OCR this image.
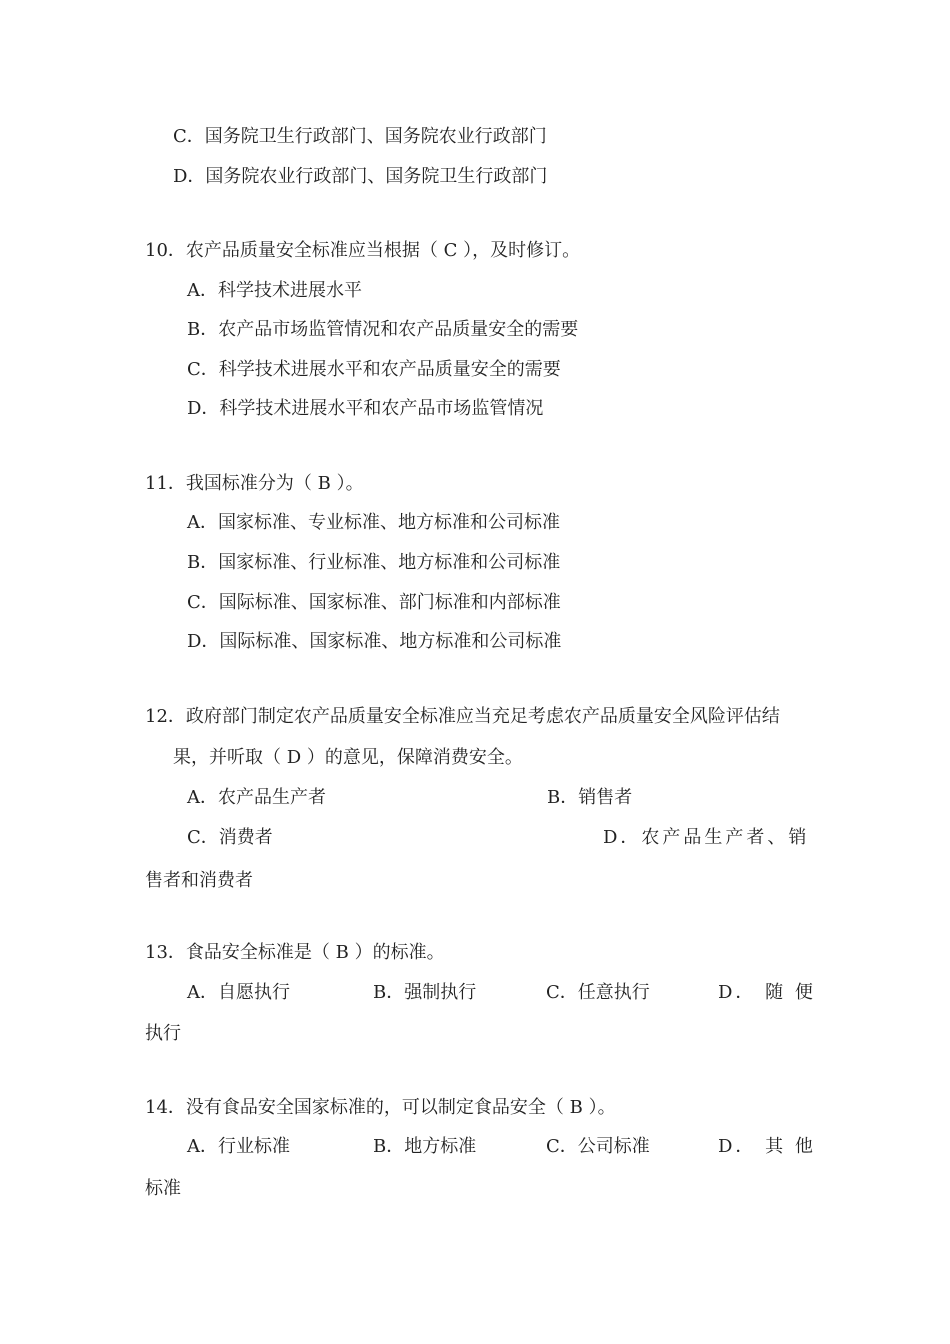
C．国务院卫生行政部门、国务院农业行政部门
D．国务院农业行政部门、国务院卫生行政部门
10．农产品质量安全标准应当根据（ C ），及时修订。
A．科学技术进展水平
B．农产品市场监管情况和农产品质量安全的需要
C．科学技术进展水平和农产品质量安全的需要
D．科学技术进展水平和农产品市场监管情况
11．我国标准分为（ B ）。
A．国家标准、专业标准、地方标准和公司标准
B．国家标准、行业标准、地方标准和公司标准
C．国际标准、国家标准、部门标准和内部标准
D．国际标准、国家标准、地方标准和公司标准
12．政府部门制定农产品质量安全标准应当充足考虑农产品质量安全风险评估结
果，并听取（ D ）的意见，保障消费安全。
A．农产品生产者	B．销售者
C．消费者	D．农产品生产者、销
售者和消费者
13．食品安全标准是（ B ）的标准。
A．自愿执行	B．强制执行	C．任意执行	D． 随 便
执行
14．没有食品安全国家标准的，可以制定食品安全（ B ）。
A．行业标准	B．地方标准	C．公司标准	D． 其 他
标准
